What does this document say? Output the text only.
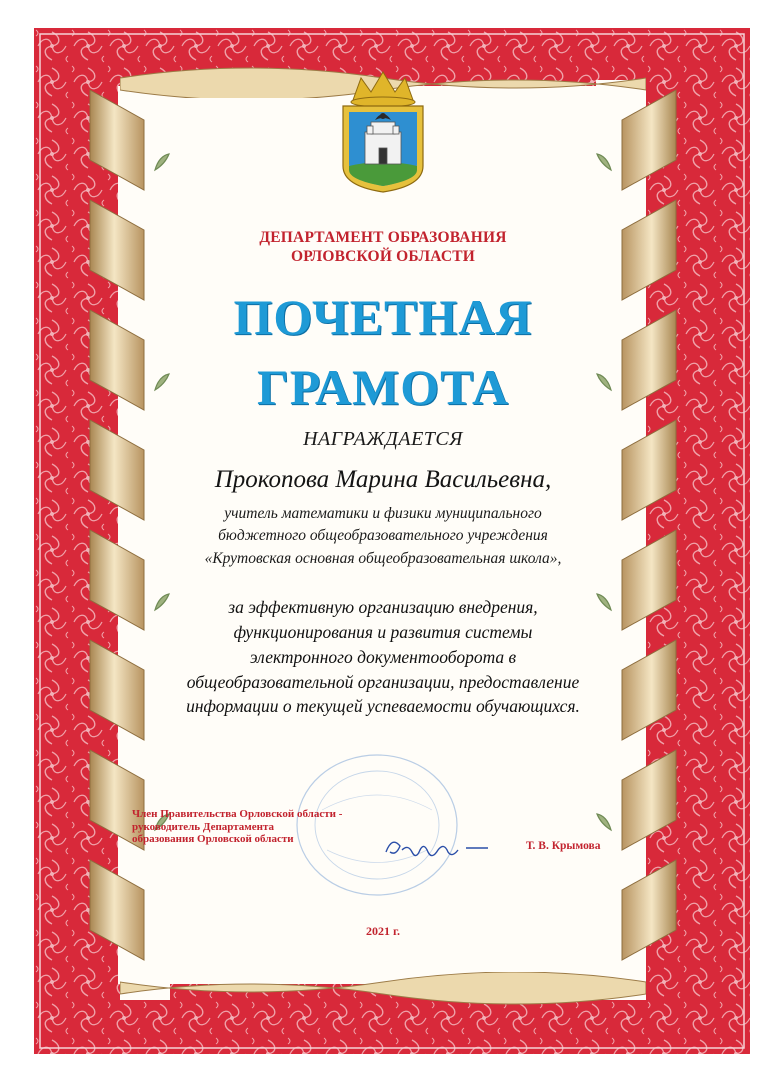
ДЕПАРТАМЕНТ ОБРАЗОВАНИЯ
ОРЛОВСКОЙ ОБЛАСТИ
ПОЧЕТНАЯ
ГРАМОТА
НАГРАЖДАЕТСЯ
Прокопова Марина Васильевна,
учитель математики и физики муниципального
бюджетного общеобразовательного учреждения
«Крутовская основная общеобразовательная школа»,
за эффективную организацию внедрения,
функционирования и развития системы
электронного документооборота в
общеобразовательной организации, предоставление
информации о текущей успеваемости обучающихся.
Член Правительства Орловской области -
руководитель Департамента
образования Орловской области
Т. В. Крымова
2021 г.
